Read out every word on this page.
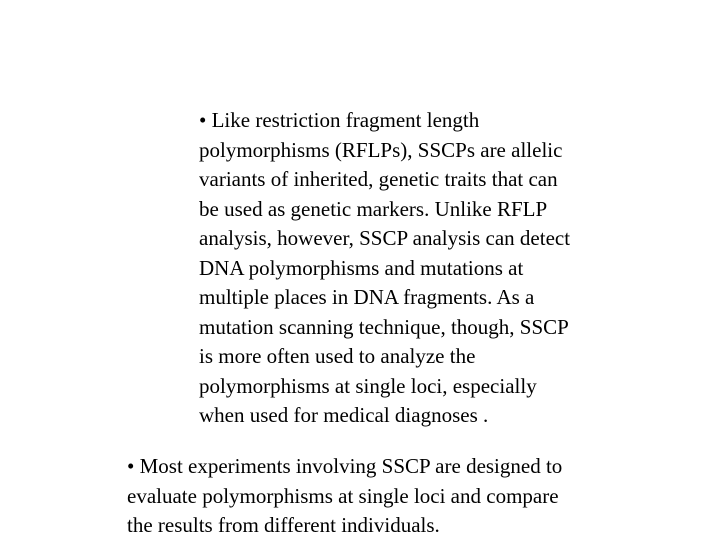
• Like restriction fragment length
polymorphisms (RFLPs), SSCPs are allelic
variants of inherited, genetic traits that can
be used as genetic markers. Unlike RFLP
analysis, however, SSCP analysis can detect
DNA polymorphisms and mutations at
multiple places in DNA fragments. As a
mutation scanning technique, though, SSCP
is more often used to analyze the
polymorphisms at single loci, especially
when used for medical diagnoses .
• Most experiments involving SSCP are designed to
evaluate polymorphisms at single loci and compare
the results from different individuals.
